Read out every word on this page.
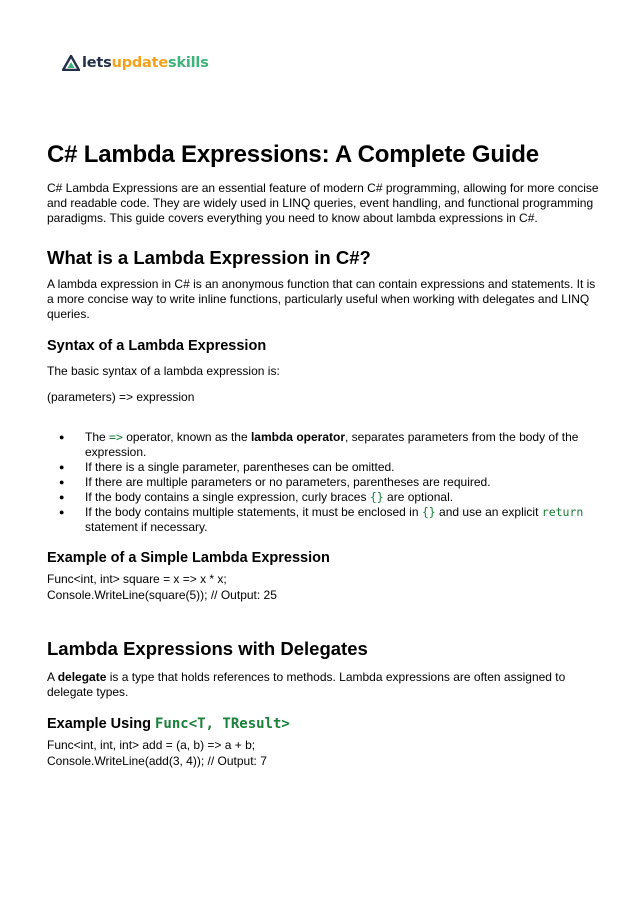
letsupdateskills
C# Lambda Expressions: A Complete Guide

C# Lambda Expressions are an essential feature of modern C# programming, allowing for more concise and readable code. They are widely used in LINQ queries, event handling, and functional programming paradigms. This guide covers everything you need to know about lambda expressions in C#.

What is a Lambda Expression in C#?

A lambda expression in C# is an anonymous function that can contain expressions and statements. It is a more concise way to write inline functions, particularly useful when working with delegates and LINQ queries.

Syntax of a Lambda Expression

The basic syntax of a lambda expression is:

(parameters) => expression

● The => operator, known as the lambda operator, separates parameters from the body of the expression.
● If there is a single parameter, parentheses can be omitted.
● If there are multiple parameters or no parameters, parentheses are required.
● If the body contains a single expression, curly braces {} are optional.
● If the body contains multiple statements, it must be enclosed in {} and use an explicit return statement if necessary.
Example of a Simple Lambda Expression

Func<int, int> square = x => x * x;

Console.WriteLine(square(5)); // Output: 25

Lambda Expressions with Delegates

A delegate is a type that holds references to methods. Lambda expressions are often assigned to delegate types.

Example Using Func<T, TResult>

Func<int, int, int> add = (a, b) => a + b;

Console.WriteLine(add(3, 4)); // Output: 7
